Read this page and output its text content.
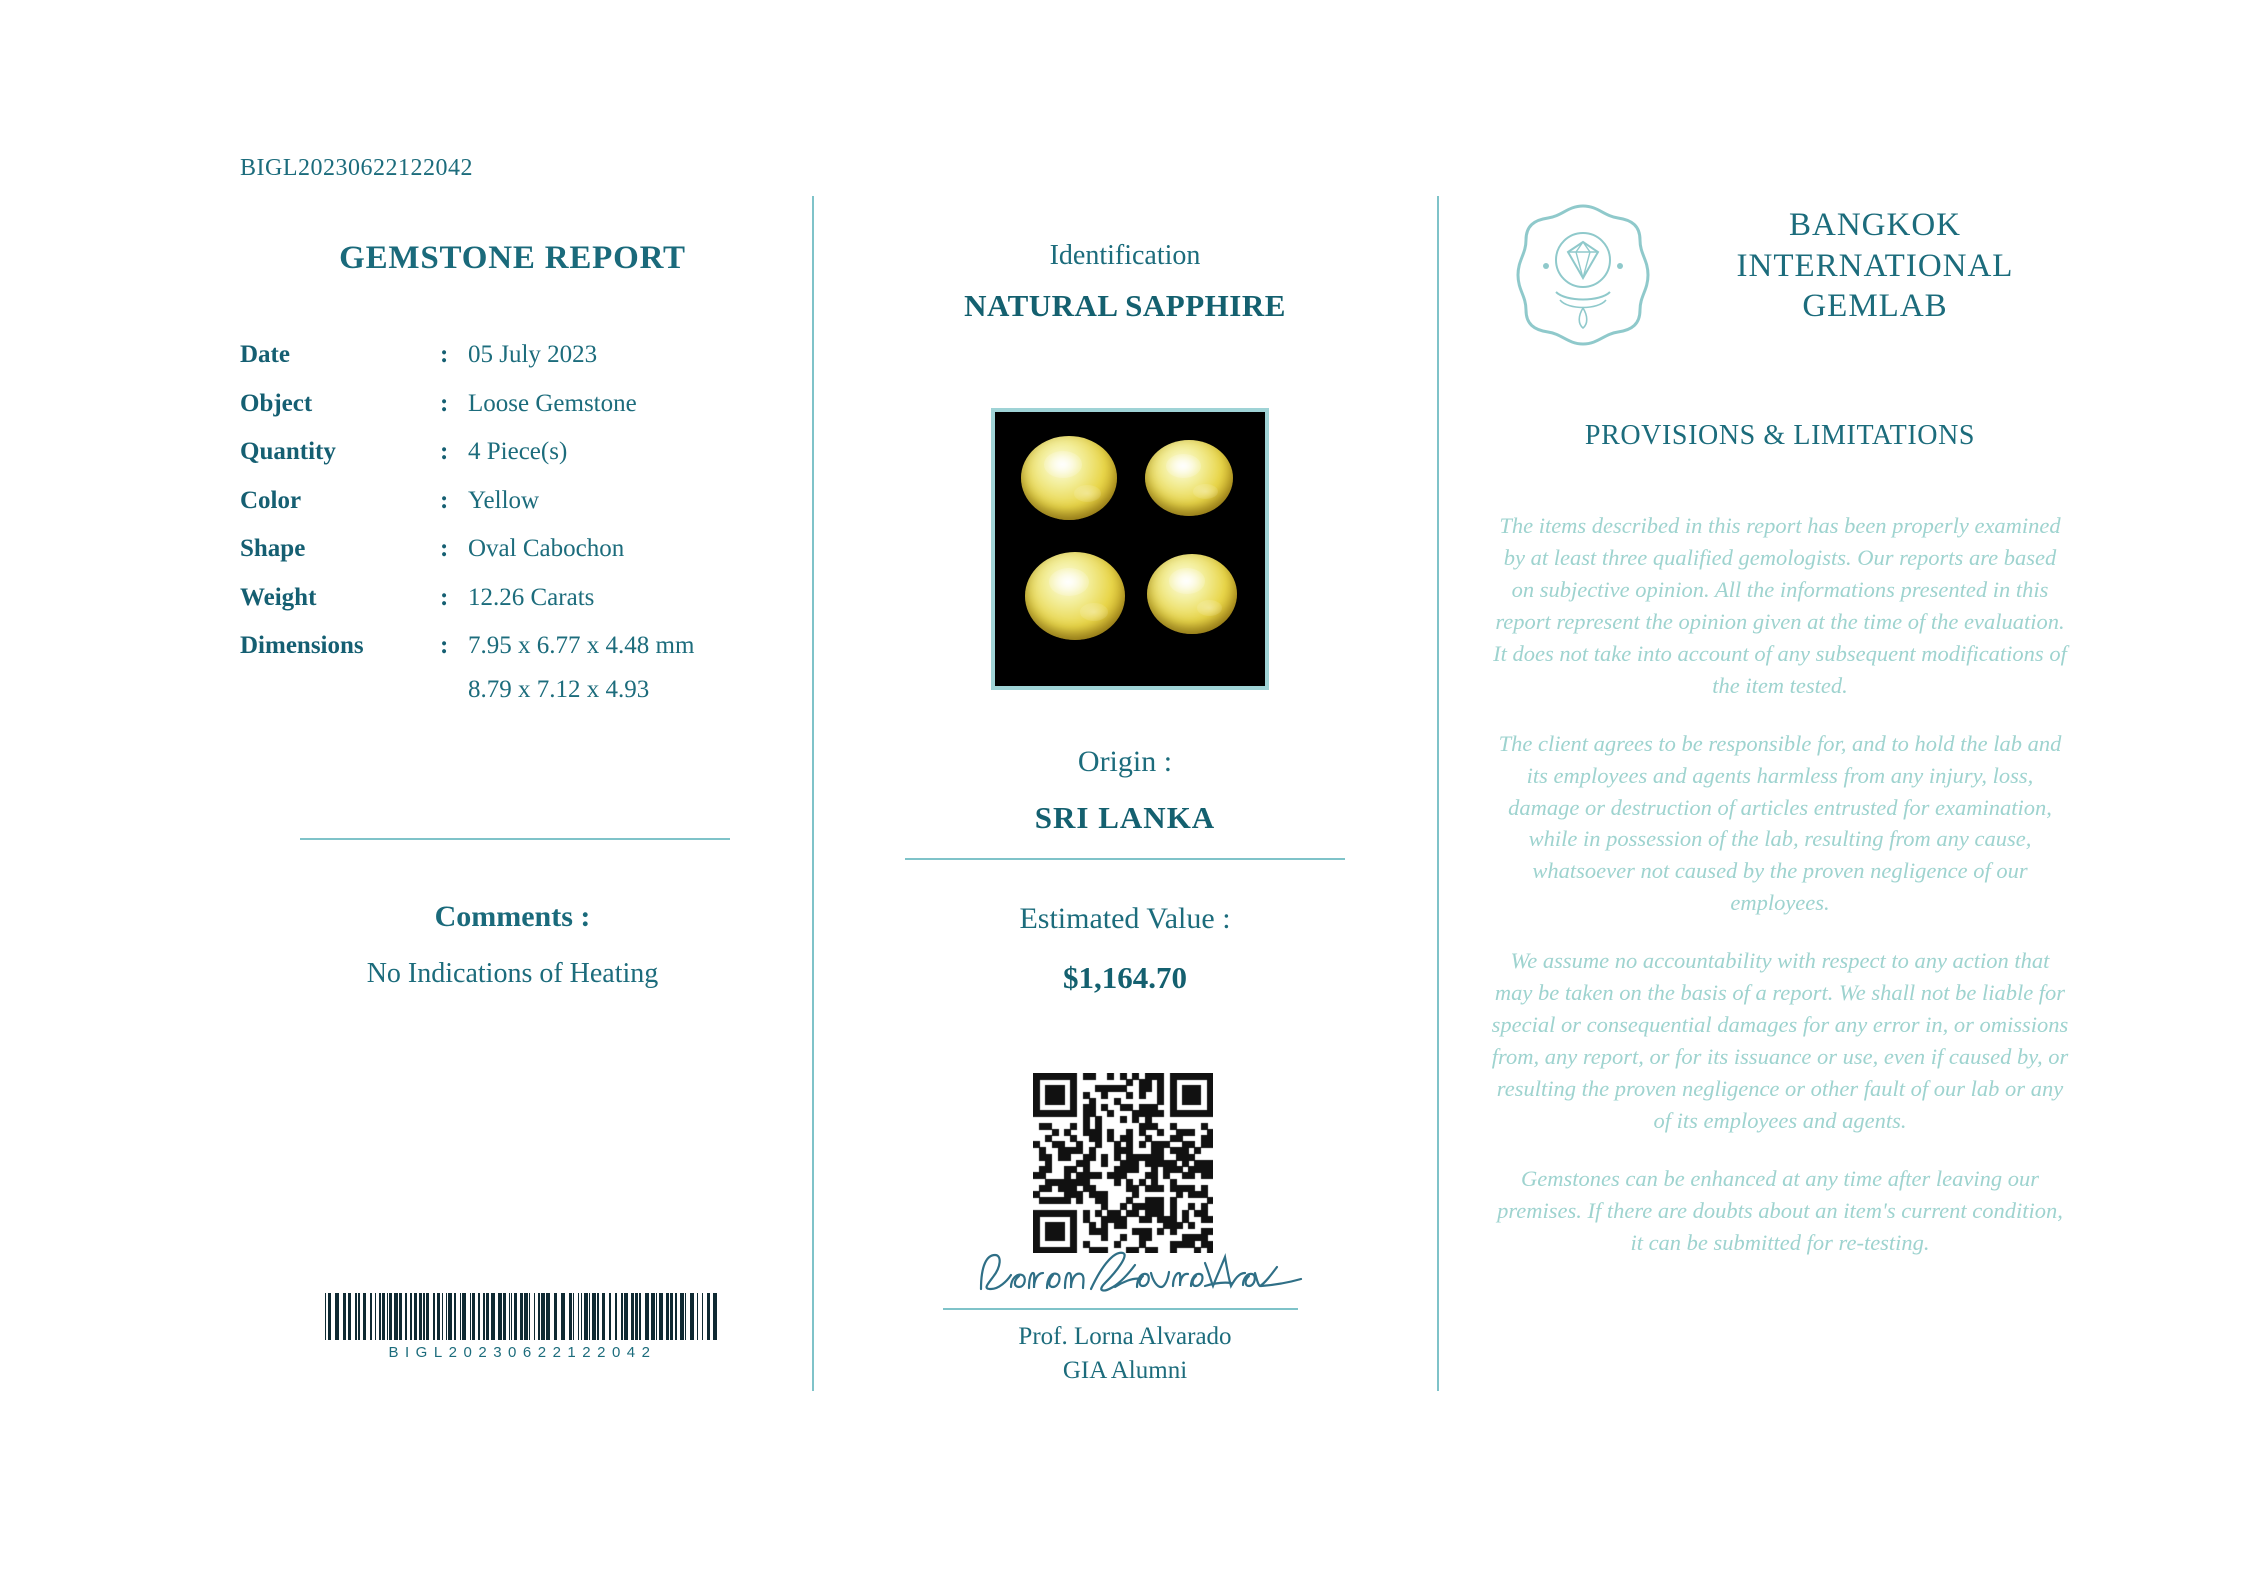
BIGL20230622122042
GEMSTONE REPORT
Date	:	05 July 2023
Object	:	Loose Gemstone
Quantity	:	4 Piece(s)
Color	:	Yellow
Shape	:	Oval Cabochon
Weight	:	12.26 Carats
Dimensions	:	7.95 x 6.77 x 4.48 mm
8.79 x 7.12 x 4.93
Comments :
No Indications of Heating
BIGL20230622122042
Identification
NATURAL SAPPHIRE
Origin :
SRI LANKA
Estimated Value :
$1,164.70
Prof. Lorna Alvarado
GIA Alumni
BANGKOK
INTERNATIONAL
GEMLAB
PROVISIONS & LIMITATIONS

The items described in this report has been properly examined by at least three qualified gemologists. Our reports are based on subjective opinion. All the informations presented in this report represent the opinion given at the time of the evaluation. It does not take into account of any subsequent modifications of the item tested.

The client agrees to be responsible for, and to hold the lab and its employees and agents harmless from any injury, loss, damage or destruction of articles entrusted for examination, while in possession of the lab, resulting from any cause, whatsoever not caused by the proven negligence of our employees.

We assume no accountability with respect to any action that may be taken on the basis of a report. We shall not be liable for special or consequential damages for any error in, or omissions from, any report, or for its issuance or use, even if caused by, or resulting the proven negligence or other fault of our lab or any of its employees and agents.

Gemstones can be enhanced at any time after leaving our premises. If there are doubts about an item's current condition, it can be submitted for re-testing.
